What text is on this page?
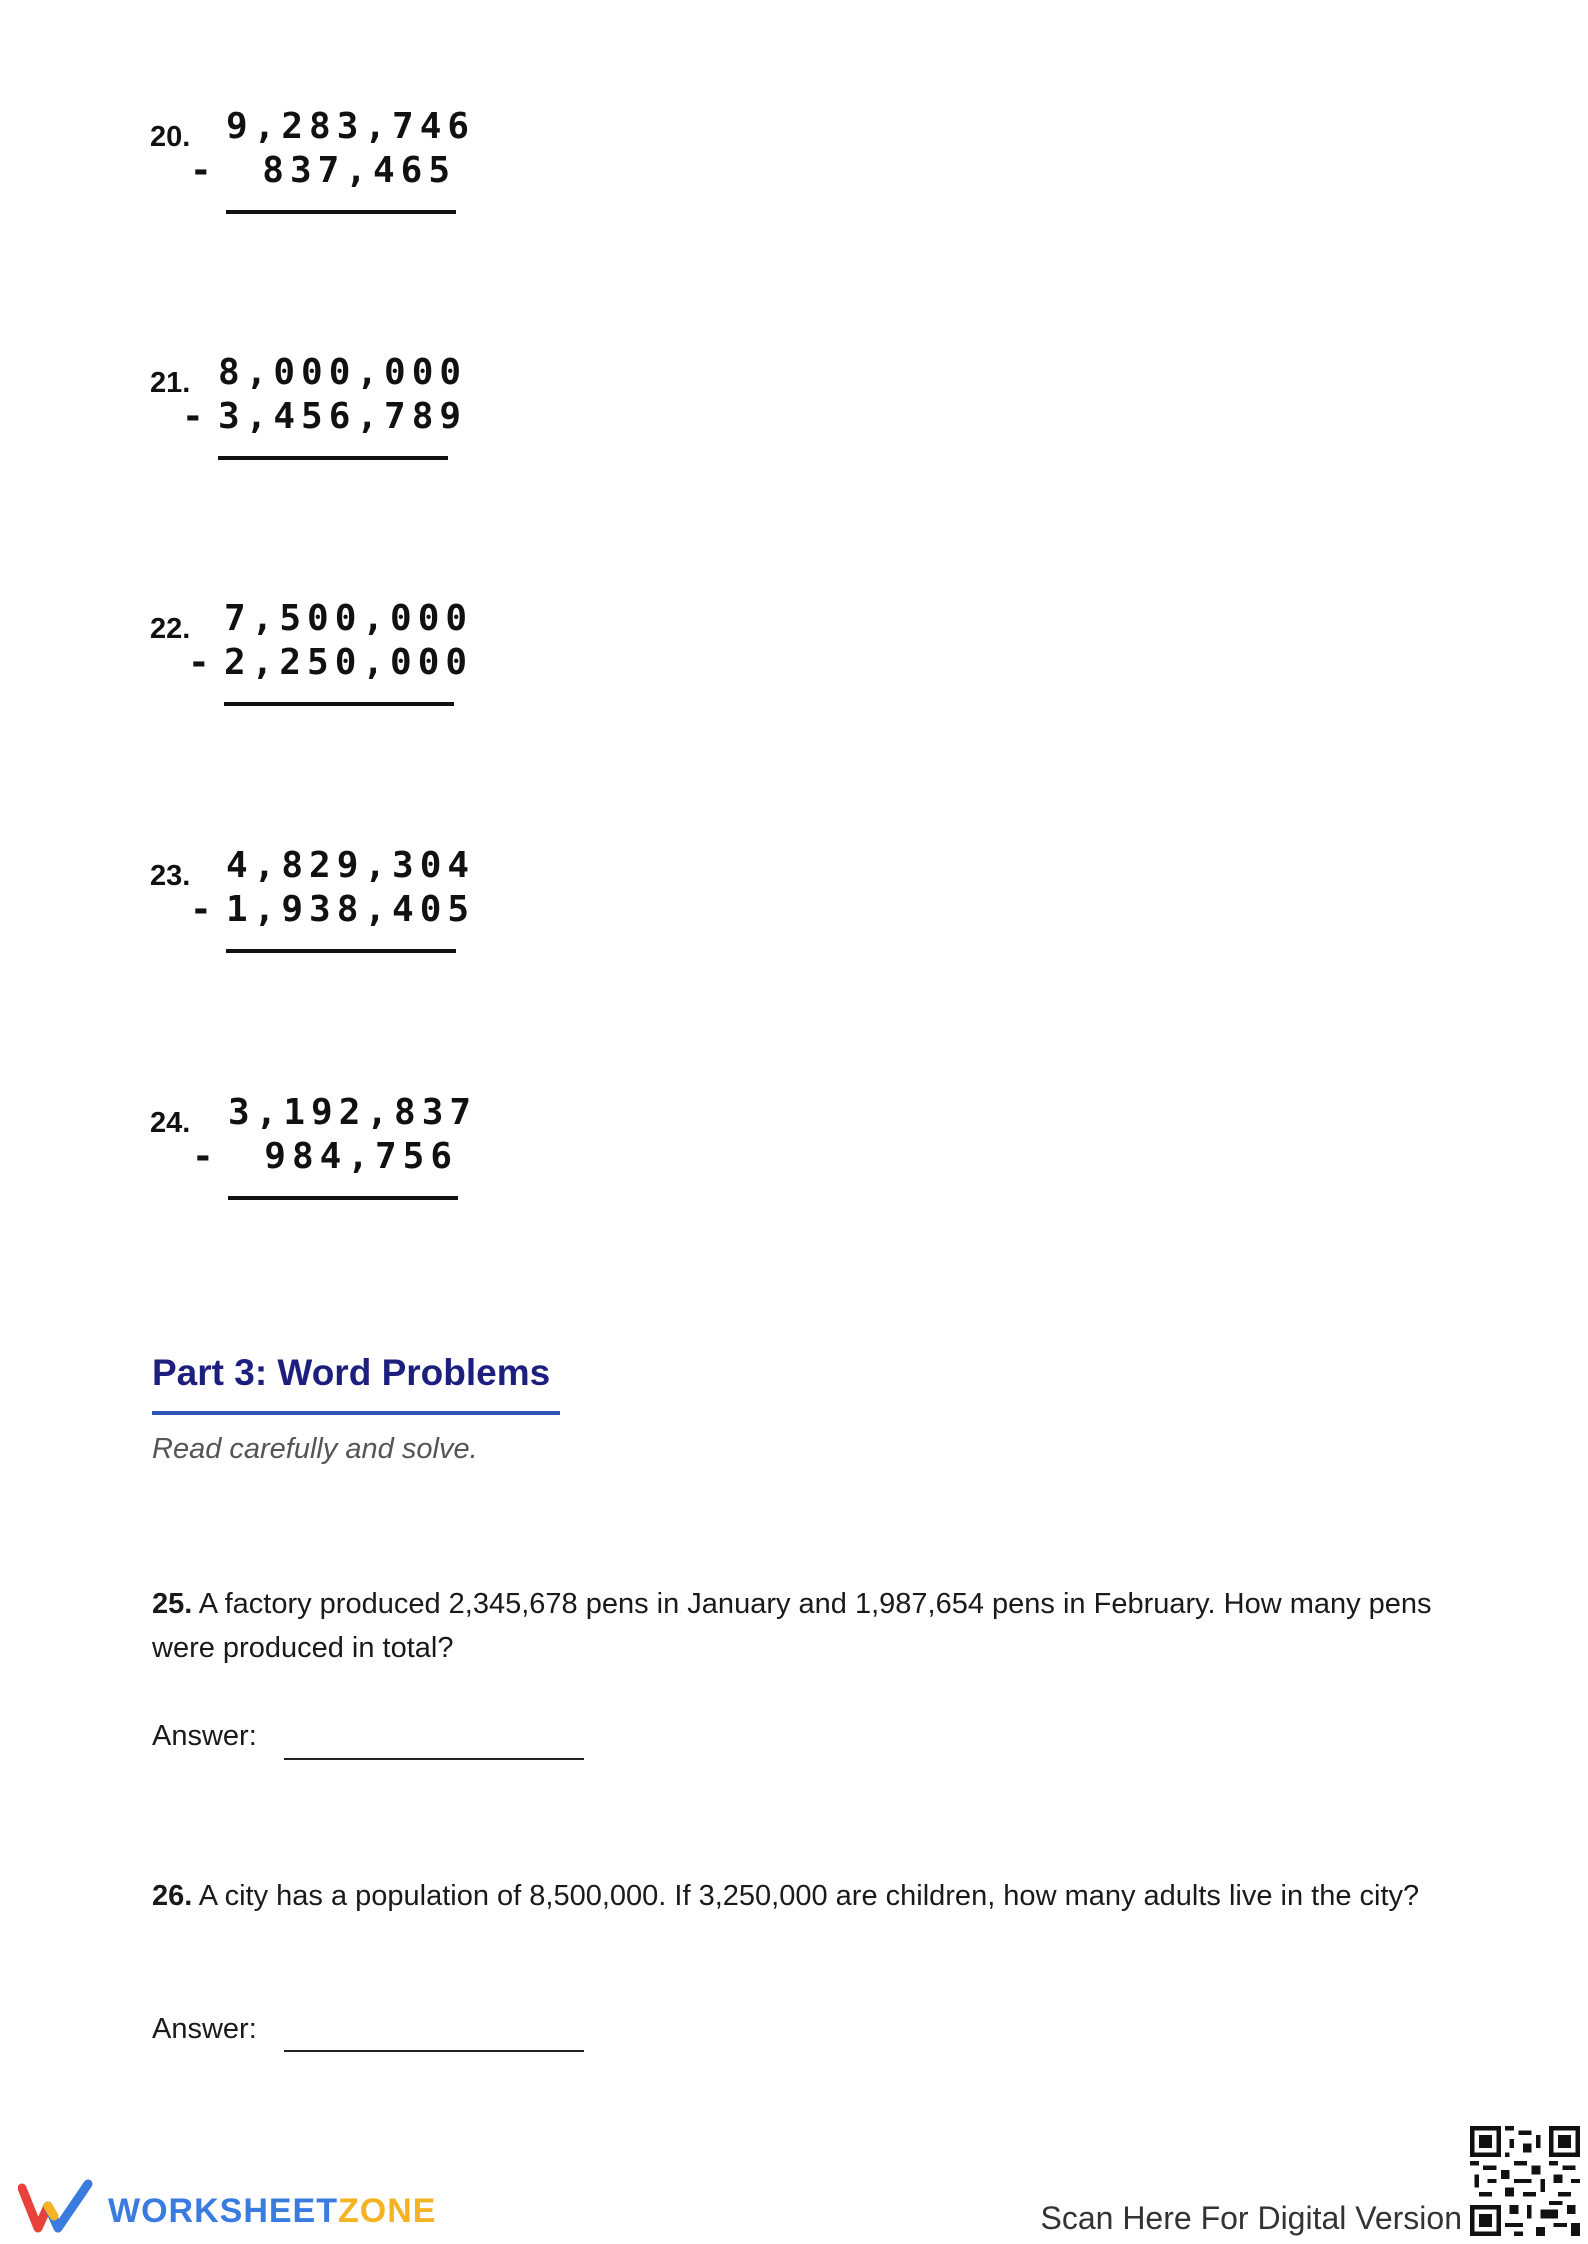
20. 9,283,746
-	837,465
21. 8,000,000
- 3,456,789
22. 7,500,000
- 2,250,000
23. 4,829,304
- 1,938,405
24. 3,192,837
-	984,756
Part 3: Word Problems
Read carefully and solve.
25. A factory produced 2,345,678 pens in January and 1,987,654 pens in February. How many pens were produced in total?
Answer:
26. A city has a population of 8,500,000. If 3,250,000 are children, how many adults live in the city?
Answer:
WORKSHEETZONE	Scan Here For Digital Version
